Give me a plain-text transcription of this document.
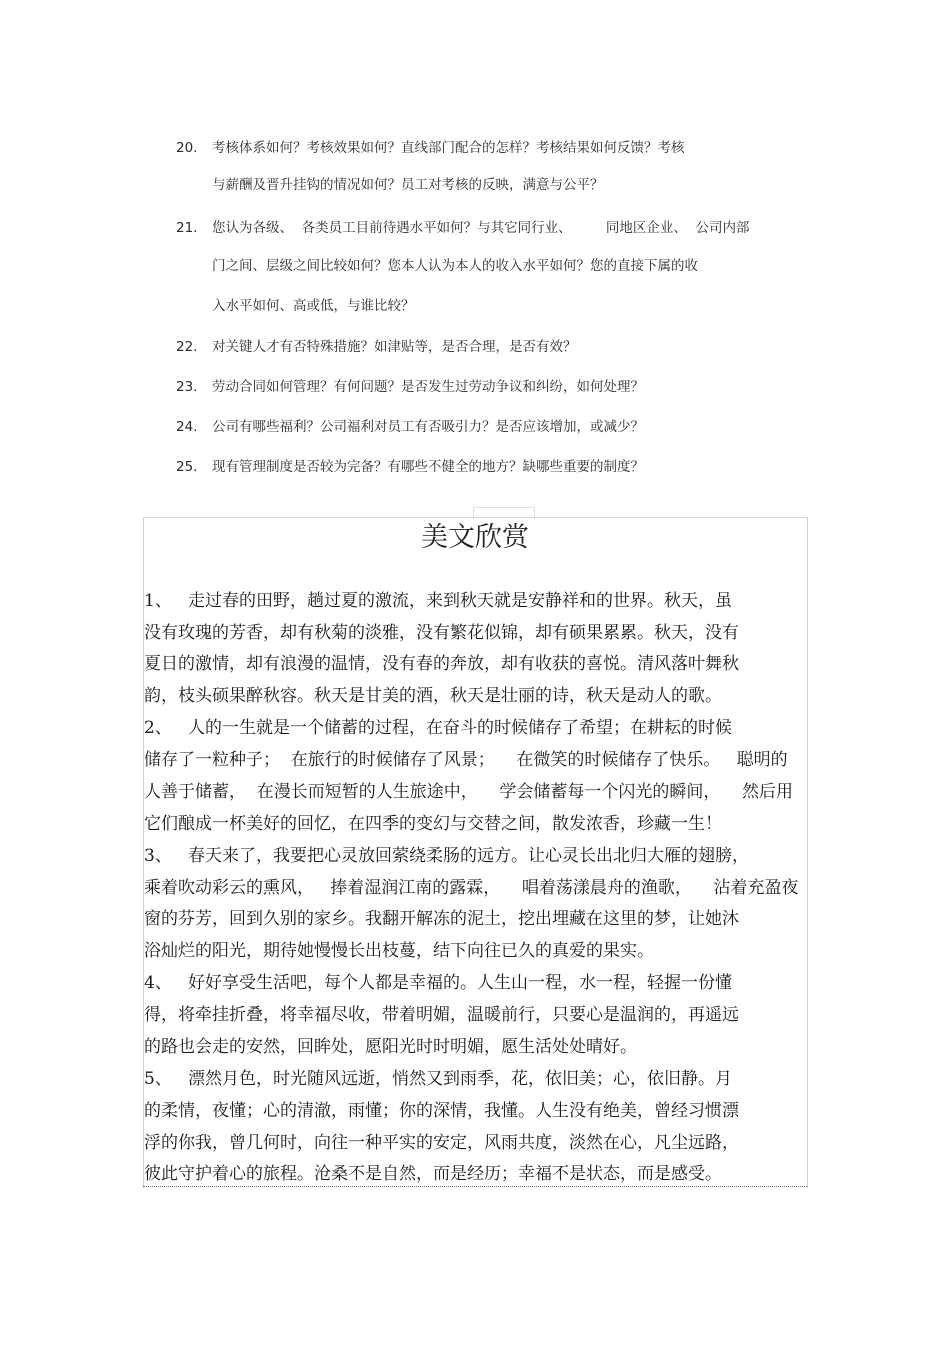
20. 考核体系如何？考核效果如何？直线部门配合的怎样？考核结果如何反馈？考核
与薪酬及晋升挂钩的情况如何？员工对考核的反映，满意与公平？
21. 您认为各级、  各类员工目前待遇水平如何？与其它同行业、        同地区企业、  公司内部
门之间、层级之间比较如何？您本人认为本人的收入水平如何？您的直接下属的收
入水平如何、高或低，与谁比较？
22. 对关键人才有否特殊措施？如津贴等，是否合理，是否有效？
23. 劳动合同如何管理？有何问题？是否发生过劳动争议和纠纷，如何处理？
24. 公司有哪些福利？公司福利对员工有否吸引力？是否应该增加，或减少？
25. 现有管理制度是否较为完备？有哪些不健全的地方？缺哪些重要的制度？
美文欣赏
1、   走过春的田野，趟过夏的激流，来到秋天就是安静祥和的世界。秋天，虽
没有玫瑰的芳香，却有秋菊的淡雅，没有繁花似锦，却有硕果累累。秋天，没有
夏日的激情，却有浪漫的温情，没有春的奔放，却有收获的喜悦。清风落叶舞秋
韵，枝头硕果醉秋容。秋天是甘美的酒，秋天是壮丽的诗，秋天是动人的歌。
2、   人的一生就是一个储蓄的过程，在奋斗的时候储存了希望；在耕耘的时候
储存了一粒种子；  在旅行的时候储存了风景；    在微笑的时候储存了快乐。   聪明的
人善于储蓄，  在漫长而短暂的人生旅途中，    学会储蓄每一个闪光的瞬间，    然后用
它们酿成一杯美好的回忆，在四季的变幻与交替之间，散发浓香，珍藏一生！
3、   春天来了，我要把心灵放回萦绕柔肠的远方。让心灵长出北归大雁的翅膀，
乘着吹动彩云的熏风，   捧着湿润江南的露霖，    唱着荡漾晨舟的渔歌，    沾着充盈夜
窗的芬芳，回到久别的家乡。我翻开解冻的泥土，挖出埋藏在这里的梦，让她沐
浴灿烂的阳光，期待她慢慢长出枝蔓，结下向往已久的真爱的果实。
4、   好好享受生活吧，每个人都是幸福的。人生山一程，水一程，轻握一份懂
得，将牵挂折叠，将幸福尽收，带着明媚，温暖前行，只要心是温润的，再遥远
的路也会走的安然，回眸处，愿阳光时时明媚，愿生活处处晴好。
5、   漂然月色，时光随风远逝，悄然又到雨季，花，依旧美；心，依旧静。月
的柔情，夜懂；心的清澈，雨懂；你的深情，我懂。人生没有绝美，曾经习惯漂
浮的你我，曾几何时，向往一种平实的安定，风雨共度，淡然在心，凡尘远路，
彼此守护着心的旅程。沧桑不是自然，而是经历；幸福不是状态，而是感受。
